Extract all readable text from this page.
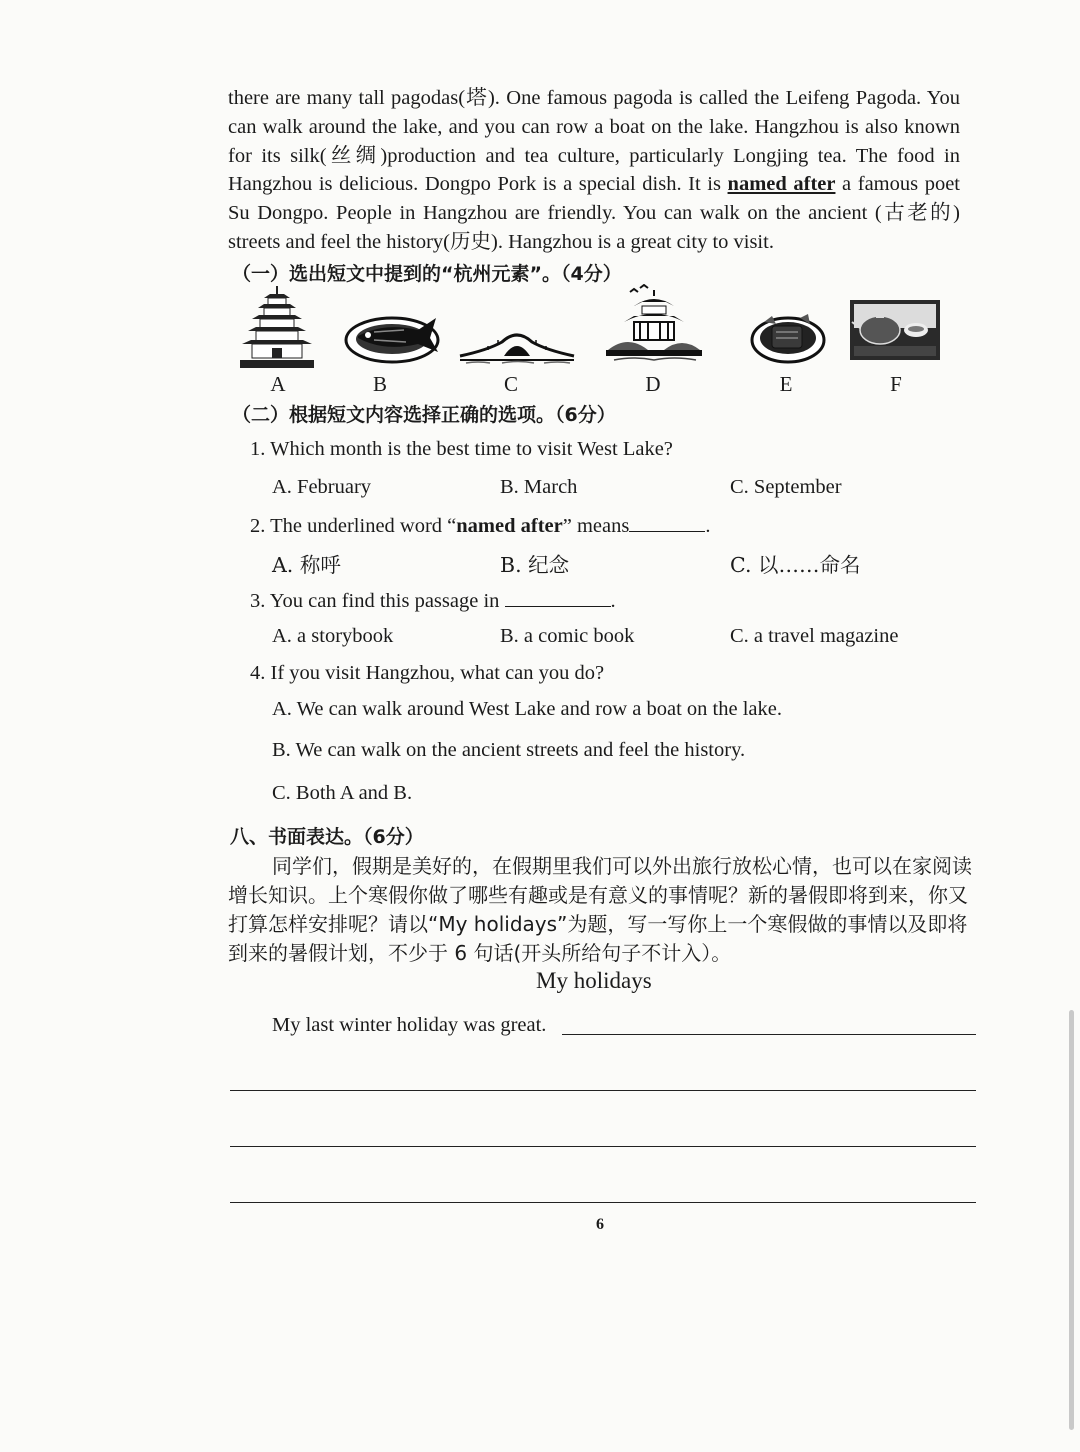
there are many tall pagodas(塔). One famous pagoda is called the Leifeng Pagoda. You can walk around the lake, and you can row a boat on the lake. Hangzhou is also known for its silk(丝绸)production and tea culture, particularly Longjing tea. The food in Hangzhou is delicious. Dongpo Pork is a special dish. It is named after a famous poet Su Dongpo. People in Hangzhou are friendly. You can walk on the ancient (古老的) streets and feel the history(历史). Hangzhou is a great city to visit.

（一）选出短文中提到的“杭州元素”。（4分）
A	B	C	D	E	F
（二）根据短文内容选择正确的选项。（6分）
1. Which month is the best time to visit West Lake?
A. February	B. March	C. September
2. The underlined word “named after” means	.
A. 称呼	B. 纪念	C. 以……命名
3. You can find this passage in	.
A. a storybook	B. a comic book	C. a travel magazine
4. If you visit Hangzhou, what can you do?
A. We can walk around West Lake and row a boat on the lake.
B. We can walk on the ancient streets and feel the history.
C. Both A and B.
八、书面表达。（6分）
同学们，假期是美好的，在假期里我们可以外出旅行放松心情，也可以在家阅读增长知识。上个寒假你做了哪些有趣或是有意义的事情呢？新的暑假即将到来，你又打算怎样安排呢？请以“My holidays”为题，写一写你上一个寒假做的事情以及即将到来的暑假计划，不少于 6 句话(开头所给句子不计入）。
My holidays
My last winter holiday was great.
6
